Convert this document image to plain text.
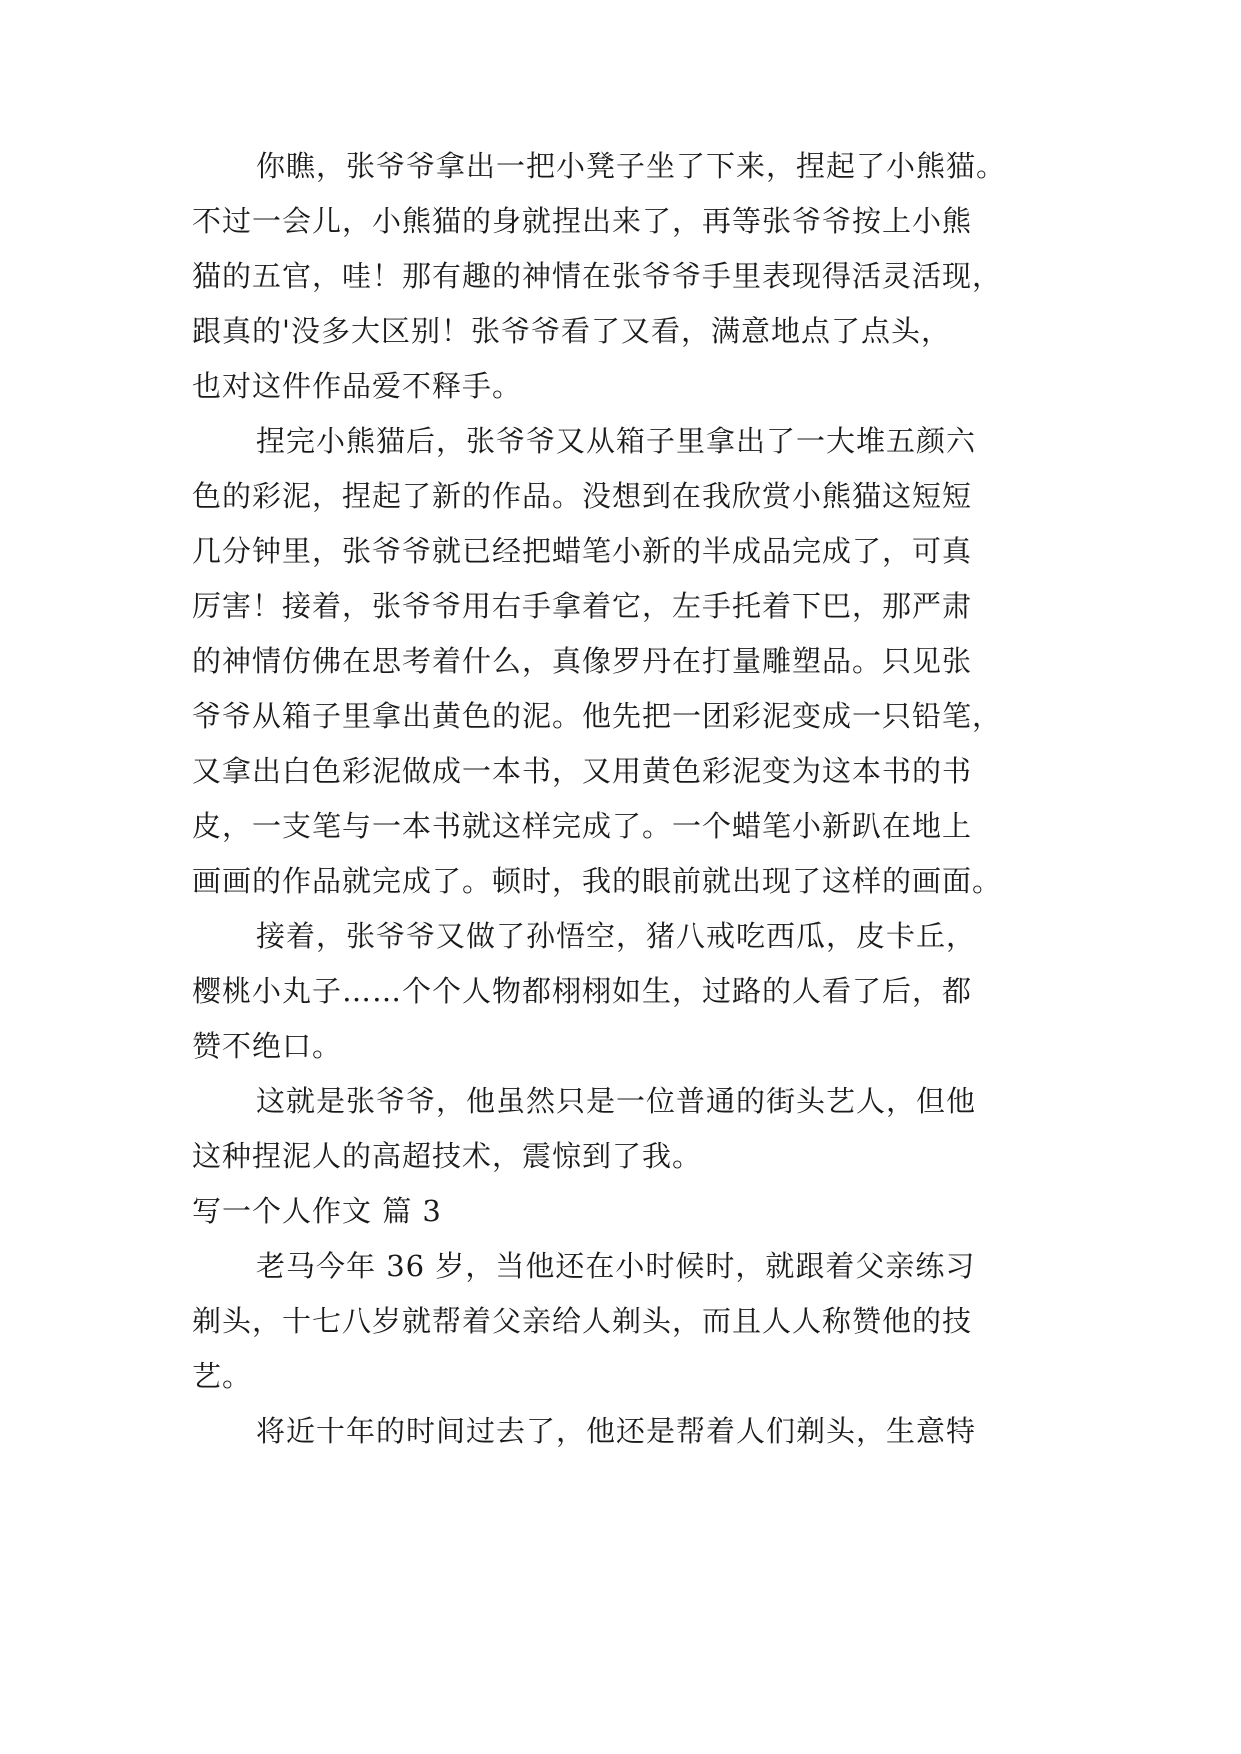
你瞧，张爷爷拿出一把小凳子坐了下来，捏起了小熊猫。
不过一会儿，小熊猫的身就捏出来了，再等张爷爷按上小熊
猫的五官，哇！那有趣的神情在张爷爷手里表现得活灵活现，
跟真的'没多大区别！张爷爷看了又看，满意地点了点头，
也对这件作品爱不释手。
捏完小熊猫后，张爷爷又从箱子里拿出了一大堆五颜六
色的彩泥，捏起了新的作品。没想到在我欣赏小熊猫这短短
几分钟里，张爷爷就已经把蜡笔小新的半成品完成了，可真
厉害！接着，张爷爷用右手拿着它，左手托着下巴，那严肃
的神情仿佛在思考着什么，真像罗丹在打量雕塑品。只见张
爷爷从箱子里拿出黄色的泥。他先把一团彩泥变成一只铅笔，
又拿出白色彩泥做成一本书，又用黄色彩泥变为这本书的书
皮，一支笔与一本书就这样完成了。一个蜡笔小新趴在地上
画画的作品就完成了。顿时，我的眼前就出现了这样的画面。
接着，张爷爷又做了孙悟空，猪八戒吃西瓜，皮卡丘，
樱桃小丸子……个个人物都栩栩如生，过路的人看了后，都
赞不绝口。
这就是张爷爷，他虽然只是一位普通的街头艺人，但他
这种捏泥人的高超技术，震惊到了我。
写一个人作文 篇 3
老马今年 36 岁，当他还在小时候时，就跟着父亲练习
剃头，十七八岁就帮着父亲给人剃头，而且人人称赞他的技
艺。
将近十年的时间过去了，他还是帮着人们剃头，生意特
